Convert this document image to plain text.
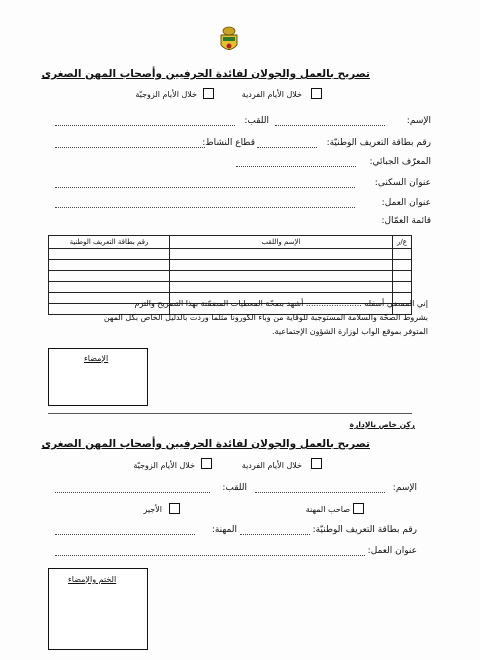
تصريح بالعمل والجولان لفائدة الحرفيين وأصحاب المهن الصغرى
خلال الأيام الفردية
خلال الأيام الزوجيّة
الإسم:
اللقب:
رقم بطاقة التعريف الوطنيّة:
قطاع النشاط:
المعرّف الجبائي:
عنوان السكنى:
عنوان العمل:
قائمة العمّال:
ع/ر	الإسم واللقب	رقم بطاقة التعريف الوطنية

إني الممضي أسفله ...................... أشهد بصحّة المعطيات المضمّنة بهذا التصريح والتزم
بشروط الصحّة والسلامة المستوجبة للوقاية من وباء الكورونا مثلما وردت بالدليل الخاص بكل المهن
المتوفر بموقع الواب لوزارة الشؤون الإجتماعية.
الإمضاء
ركن خاص بالإدارة
تصريح بالعمل والجولان لفائدة الحرفيين وأصحاب المهن الصغرى
خلال الأيام الفردية
خلال الأيام الزوجيّة
الإسم:
اللقب:
صاحب المهنة
الأجير
رقم بطاقة التعريف الوطنيّة:
المهنة:
عنوان العمل:
الختم والإمضاء
